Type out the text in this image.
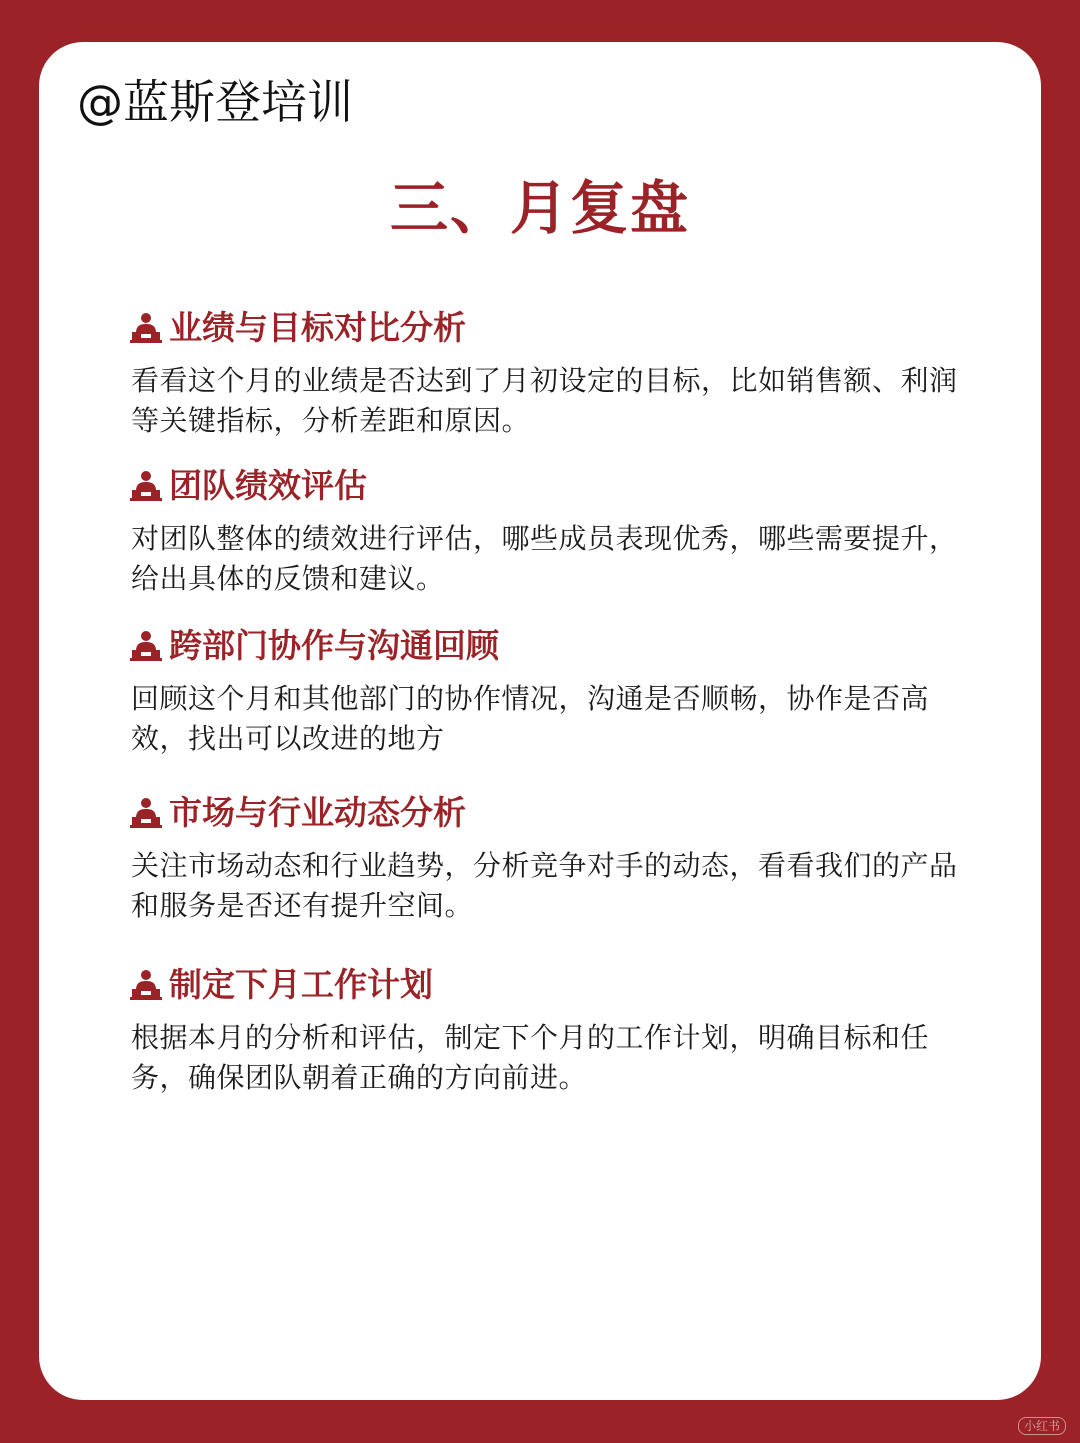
@蓝斯登培训
三、月复盘
业绩与目标对比分析
看看这个月的业绩是否达到了月初设定的目标，比如销售额、利润等关键指标，分析差距和原因。
团队绩效评估
对团队整体的绩效进行评估，哪些成员表现优秀，哪些需要提升，给出具体的反馈和建议。
跨部门协作与沟通回顾
回顾这个月和其他部门的协作情况，沟通是否顺畅，协作是否高效，找出可以改进的地方
市场与行业动态分析
关注市场动态和行业趋势，分析竞争对手的动态，看看我们的产品和服务是否还有提升空间。
制定下月工作计划
根据本月的分析和评估，制定下个月的工作计划，明确目标和任务，确保团队朝着正确的方向前进。
小红书
